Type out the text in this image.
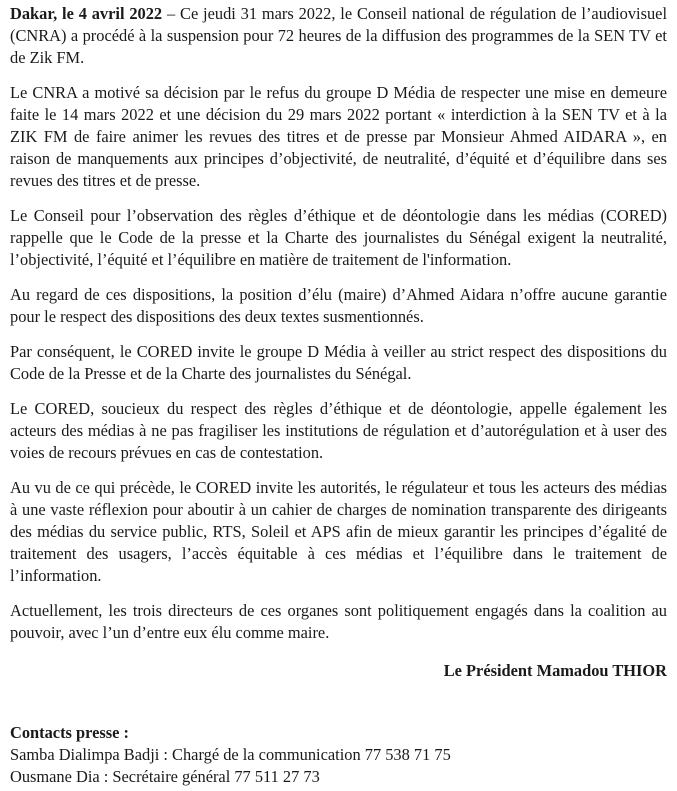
Dakar, le 4 avril 2022 – Ce jeudi 31 mars 2022, le Conseil national de régulation de l’audiovisuel (CNRA) a procédé à la suspension pour 72 heures de la diffusion des programmes de la SEN TV et de Zik FM.

Le CNRA a motivé sa décision par le refus du groupe D Média de respecter une mise en demeure faite le 14 mars 2022 et une décision du 29 mars 2022 portant « interdiction à la SEN TV et à la ZIK FM de faire animer les revues des titres et de presse par Monsieur Ahmed AIDARA », en raison de manquements aux principes d’objectivité, de neutralité, d’équité et d’équilibre dans ses revues des titres et de presse.

Le Conseil pour l’observation des règles d’éthique et de déontologie dans les médias (CORED) rappelle que le Code de la presse et la Charte des journalistes du Sénégal exigent la neutralité, l’objectivité, l’équité et l’équilibre en matière de traitement de l'information.

Au regard de ces dispositions, la position d’élu (maire) d’Ahmed Aidara n’offre aucune garantie pour le respect des dispositions des deux textes susmentionnés.

Par conséquent, le CORED invite le groupe D Média à veiller au strict respect des dispositions du Code de la Presse et de la Charte des journalistes du Sénégal.

Le CORED, soucieux du respect des règles d’éthique et de déontologie, appelle également les acteurs des médias à ne pas fragiliser les institutions de régulation et d’autorégulation et à user des voies de recours prévues en cas de contestation.

Au vu de ce qui précède, le CORED invite les autorités, le régulateur et tous les acteurs des médias à une vaste réflexion pour aboutir à un cahier de charges de nomination transparente des dirigeants des médias du service public, RTS, Soleil et APS afin de mieux garantir les principes d’égalité de traitement des usagers, l’accès équitable à ces médias et l’équilibre dans le traitement de l’information.

Actuellement, les trois directeurs de ces organes sont politiquement engagés dans la coalition au pouvoir, avec l’un d’entre eux élu comme maire.

Le Président Mamadou THIOR

Contacts presse :
Samba Dialimpa Badji : Chargé de la communication 77 538 71 75
Ousmane Dia : Secrétaire général 77 511 27 73
